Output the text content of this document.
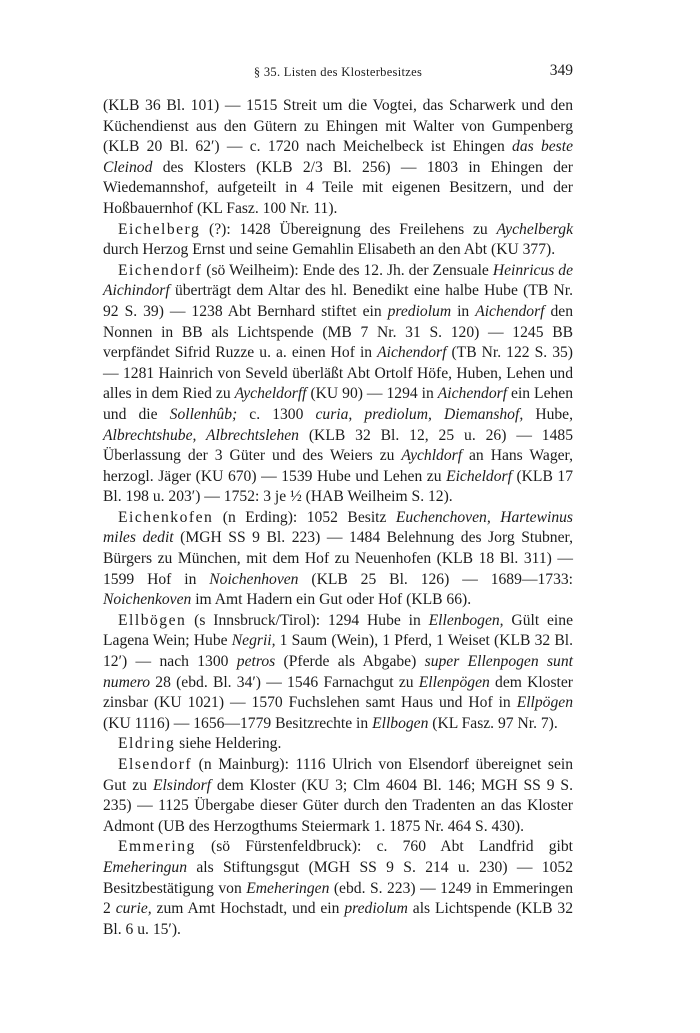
§ 35. Listen des Klosterbesitzes	349

(KLB 36 Bl. 101) — 1515 Streit um die Vogtei, das Scharwerk und den Küchendienst aus den Gütern zu Ehingen mit Walter von Gumpenberg (KLB 20 Bl. 62′) — c. 1720 nach Meichelbeck ist Ehingen das beste Cleinod des Klosters (KLB 2/3 Bl. 256) — 1803 in Ehingen der Wiedemannshof, aufgeteilt in 4 Teile mit eigenen Besitzern, und der Hoßbauernhof (KL Fasz. 100 Nr. 11).

Eichelberg (?): 1428 Übereignung des Freilehens zu Aychelbergk durch Herzog Ernst und seine Gemahlin Elisabeth an den Abt (KU 377).

Eichendorf (sö Weilheim): Ende des 12. Jh. der Zensuale Heinricus de Aichindorf überträgt dem Altar des hl. Benedikt eine halbe Hube (TB Nr. 92 S. 39) — 1238 Abt Bernhard stiftet ein prediolum in Aichendorf den Nonnen in BB als Lichtspende (MB 7 Nr. 31 S. 120) — 1245 BB verpfändet Sifrid Ruzze u. a. einen Hof in Aichendorf (TB Nr. 122 S. 35) — 1281 Hainrich von Seveld überläßt Abt Ortolf Höfe, Huben, Lehen und alles in dem Ried zu Aycheldorff (KU 90) — 1294 in Aichendorf ein Lehen und die Sollenhûb; c. 1300 curia, prediolum, Diemanshof, Hube, Albrechtshube, Albrechtslehen (KLB 32 Bl. 12, 25 u. 26) — 1485 Überlassung der 3 Güter und des Weiers zu Aychldorf an Hans Wager, herzogl. Jäger (KU 670) — 1539 Hube und Lehen zu Eicheldorf (KLB 17 Bl. 198 u. 203′) — 1752: 3 je ½ (HAB Weilheim S. 12).

Eichenkofen (n Erding): 1052 Besitz Euchenchoven, Hartewinus miles dedit (MGH SS 9 Bl. 223) — 1484 Belehnung des Jorg Stubner, Bürgers zu München, mit dem Hof zu Neuenhofen (KLB 18 Bl. 311) — 1599 Hof in Noichenhoven (KLB 25 Bl. 126) — 1689—1733: Noichenkoven im Amt Hadern ein Gut oder Hof (KLB 66).

Ellbögen (s Innsbruck/Tirol): 1294 Hube in Ellenbogen, Gült eine Lagena Wein; Hube Negrii, 1 Saum (Wein), 1 Pferd, 1 Weiset (KLB 32 Bl. 12′) — nach 1300 petros (Pferde als Abgabe) super Ellenpogen sunt numero 28 (ebd. Bl. 34′) — 1546 Farnachgut zu Ellenpögen dem Kloster zinsbar (KU 1021) — 1570 Fuchslehen samt Haus und Hof in Ellpögen (KU 1116) — 1656—1779 Besitzrechte in Ellbogen (KL Fasz. 97 Nr. 7).

Eldring siehe Heldering.

Elsendorf (n Mainburg): 1116 Ulrich von Elsendorf übereignet sein Gut zu Elsindorf dem Kloster (KU 3; Clm 4604 Bl. 146; MGH SS 9 S. 235) — 1125 Übergabe dieser Güter durch den Tradenten an das Kloster Admont (UB des Herzogthums Steiermark 1. 1875 Nr. 464 S. 430).

Emmering (sö Fürstenfeldbruck): c. 760 Abt Landfrid gibt Emeheringun als Stiftungsgut (MGH SS 9 S. 214 u. 230) — 1052 Besitzbestätigung von Emeheringen (ebd. S. 223) — 1249 in Emmeringen 2 curie, zum Amt Hochstadt, und ein prediolum als Lichtspende (KLB 32 Bl. 6 u. 15′).
